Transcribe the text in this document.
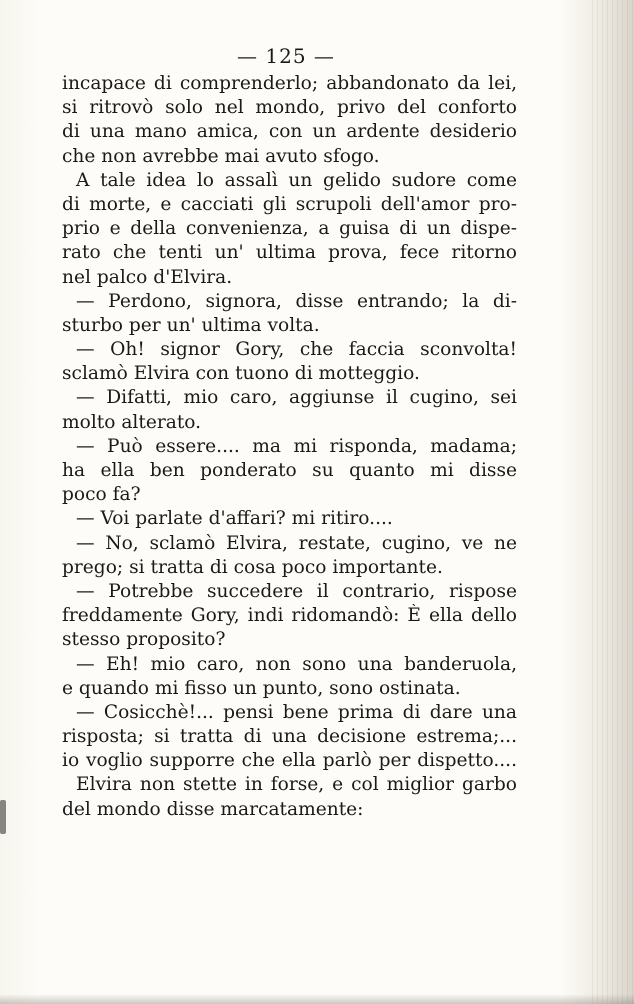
— 125 —
incapace di comprenderlo; abbandonato da lei,
si ritrovò solo nel mondo, privo del conforto
di una mano amica, con un ardente desiderio
che non avrebbe mai avuto sfogo.
A tale idea lo assalì un gelido sudore come
di morte, e cacciati gli scrupoli dell'amor pro-
prio e della convenienza, a guisa di un dispe-
rato che tenti un' ultima prova, fece ritorno
nel palco d'Elvira.
— Perdono, signora, disse entrando; la di-
sturbo per un' ultima volta.
— Oh! signor Gory, che faccia sconvolta!
sclamò Elvira con tuono di motteggio.
— Difatti, mio caro, aggiunse il cugino, sei
molto alterato.
— Può essere.... ma mi risponda, madama;
ha ella ben ponderato su quanto mi disse
poco fa?
— Voi parlate d'affari? mi ritiro....
— No, sclamò Elvira, restate, cugino, ve ne
prego; si tratta di cosa poco importante.
— Potrebbe succedere il contrario, rispose
freddamente Gory, indi ridomandò: È ella dello
stesso proposito?
— Eh! mio caro, non sono una banderuola,
e quando mi fisso un punto, sono ostinata.
— Cosicchè!... pensi bene prima di dare una
risposta; si tratta di una decisione estrema;...
io voglio supporre che ella parlò per dispetto....
Elvira non stette in forse, e col miglior garbo
del mondo disse marcatamente:
